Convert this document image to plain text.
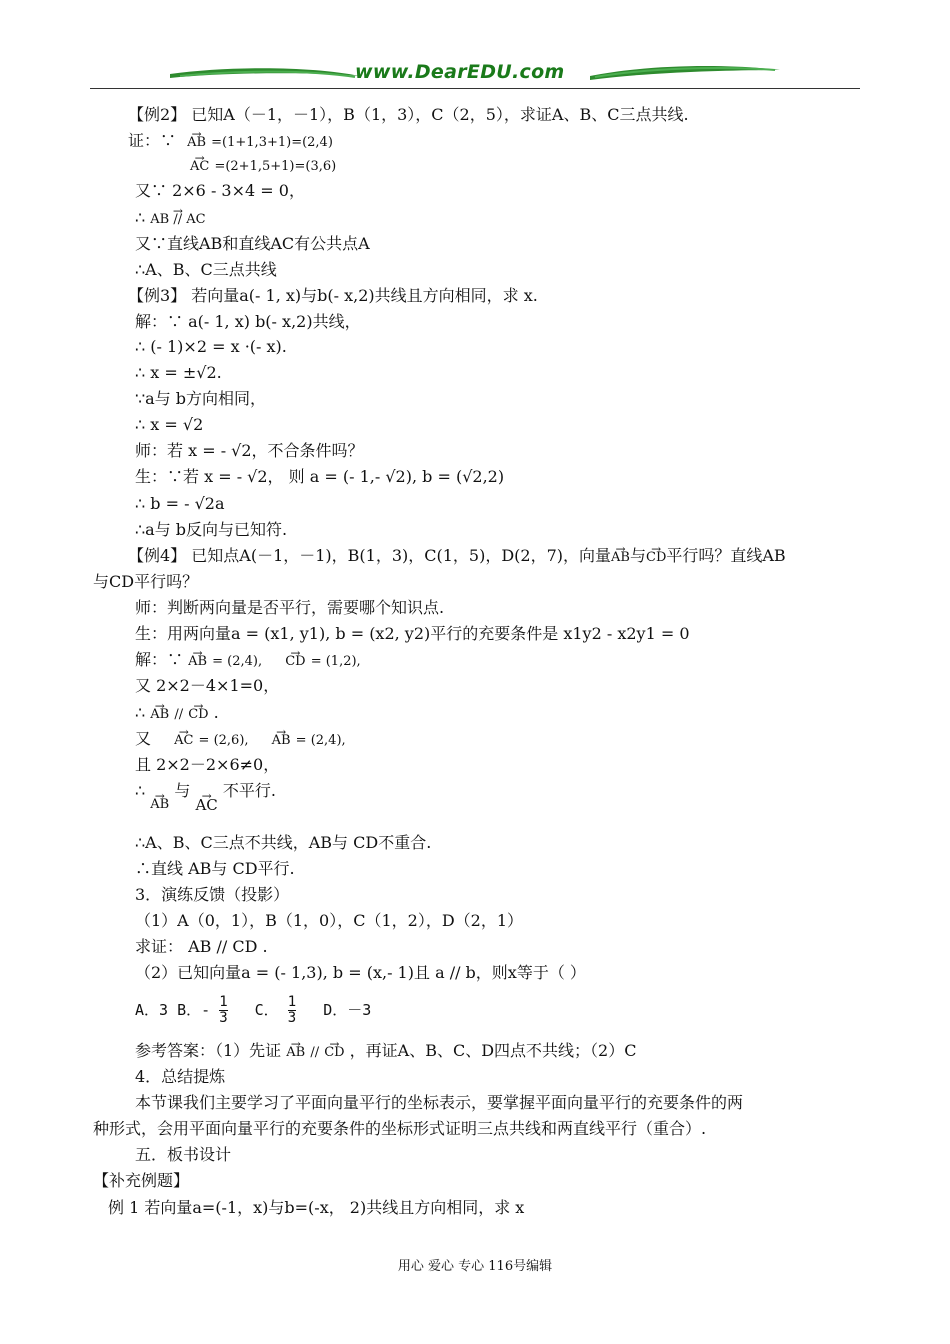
www.DearEDU.com
【例2】 已知A（－1，－1），B（1，3），C（2，5），求证A、B、C三点共线.
证：∵ → AB =(1+1,3+1)=(2,4)
→ AC =(2+1,5+1)=(3,6)
又∵ 2×6 - 3×4 = 0，
∴ → AB // AC
又∵直线AB和直线AC有公共点A
∴A、B、C三点共线
【例3】 若向量a(- 1, x)与b(- x,2)共线且方向相同，求 x.
解：∵ a(- 1, x) b(- x,2)共线，
∴ (- 1)×2 = x ·(- x).
∴ x = ±√2.
∵a与 b方向相同，
∴ x = √2
师：若 x = - √2，不合条件吗？
生：∵若 x = - √2， 则 a = (- 1,- √2), b = (√2,2)
∴ b = - √2a
∴a与 b反向与已知符.
【例4】 已知点A(－1，－1)，B(1，3)，C(1，5)，D(2，7)，向量→ AB与→ CD平行吗？直线AB
与CD平行吗？
师：判断两向量是否平行，需要哪个知识点.
生：用两向量a = (x1, y1), b = (x2, y2)平行的充要条件是 x1y2 - x2y1 = 0
解：∵ → AB = (2,4), → CD = (1,2),
又 2×2－4×1=0，
∴ → AB // → CD .
又 → AC = (2,6), → AB = (2,4),
且 2×2－2×6≠0，
∴ → AB 与 → AC 不平行.
∴A、B、C三点不共线，AB与 CD不重合.
∴直线 AB与 CD平行.
3．演练反馈（投影）
（1）A（0，1），B（1，0），C（1，2），D（2，1）
求证： AB // CD .
（2）已知向量a = (- 1,3), b = (x,- 1)且 a // b，则x等于（ ）
A．3 B．- $\frac{1}{3}$ C． $\frac{1}{3}$ D．－3
参考答案：（1）先证 → AB // → CD ，再证A、B、C、D四点不共线；（2）C
4．总结提炼
本节课我们主要学习了平面向量平行的坐标表示，要掌握平面向量平行的充要条件的两
种形式，会用平面向量平行的充要条件的坐标形式证明三点共线和两直线平行（重合）.
五．板书设计
【补充例题】
例 1 若向量a=(-1，x)与b=(-x， 2)共线且方向相同，求 x
用心 爱心 专心 116号编辑
